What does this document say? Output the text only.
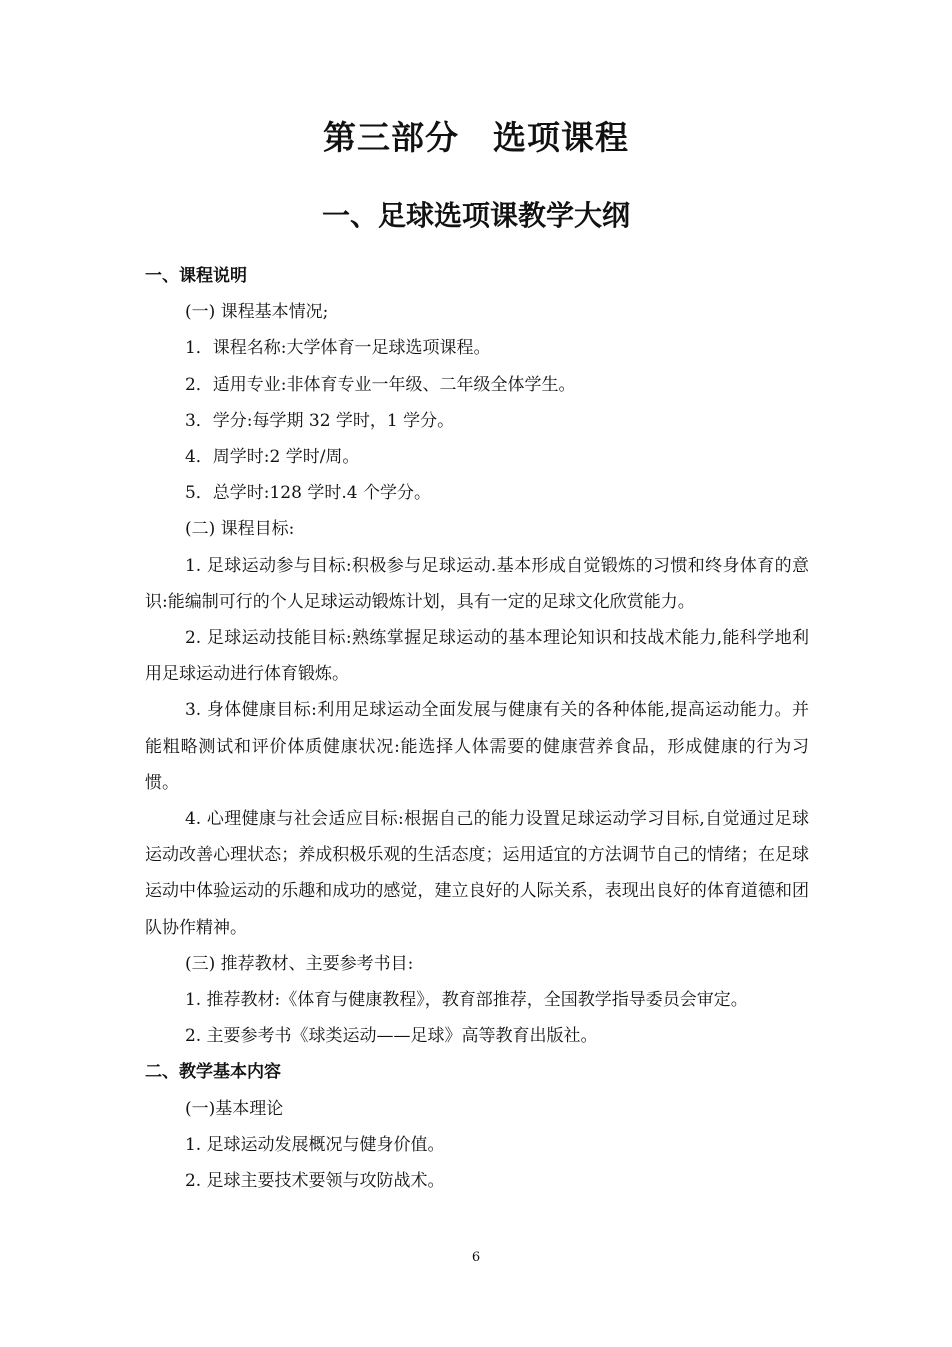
第三部分　选项课程
一、足球选项课教学大纲

一、课程说明

(一) 课程基本情况;

1．课程名称:大学体育一足球选项课程。

2．适用专业:非体育专业一年级、二年级全体学生。

3．学分:每学期 32 学时，1 学分。

4．周学时:2 学时/周。

5．总学时:128 学时.4 个学分。

(二) 课程目标:

1. 足球运动参与目标:积极参与足球运动.基本形成自觉锻炼的习惯和终身体育的意识:能编制可行的个人足球运动锻炼计划，具有一定的足球文化欣赏能力。

2. 足球运动技能目标:熟练掌握足球运动的基本理论知识和技战术能力,能科学地利用足球运动进行体育锻炼。

3. 身体健康目标:利用足球运动全面发展与健康有关的各种体能,提高运动能力。并能粗略测试和评价体质健康状况:能选择人体需要的健康营养食品，形成健康的行为习惯。

4. 心理健康与社会适应目标:根据自己的能力设置足球运动学习目标,自觉通过足球运动改善心理状态；养成积极乐观的生活态度；运用适宜的方法调节自己的情绪；在足球运动中体验运动的乐趣和成功的感觉，建立良好的人际关系，表现出良好的体育道德和团队协作精神。

(三) 推荐教材、主要参考书目:

1. 推荐教材:《体育与健康教程》，教育部推荐，全国教学指导委员会审定。

2. 主要参考书《球类运动——足球》高等教育出版社。

二、教学基本内容

(一)基本理论

1. 足球运动发展概况与健身价值。

2. 足球主要技术要领与攻防战术。

6
